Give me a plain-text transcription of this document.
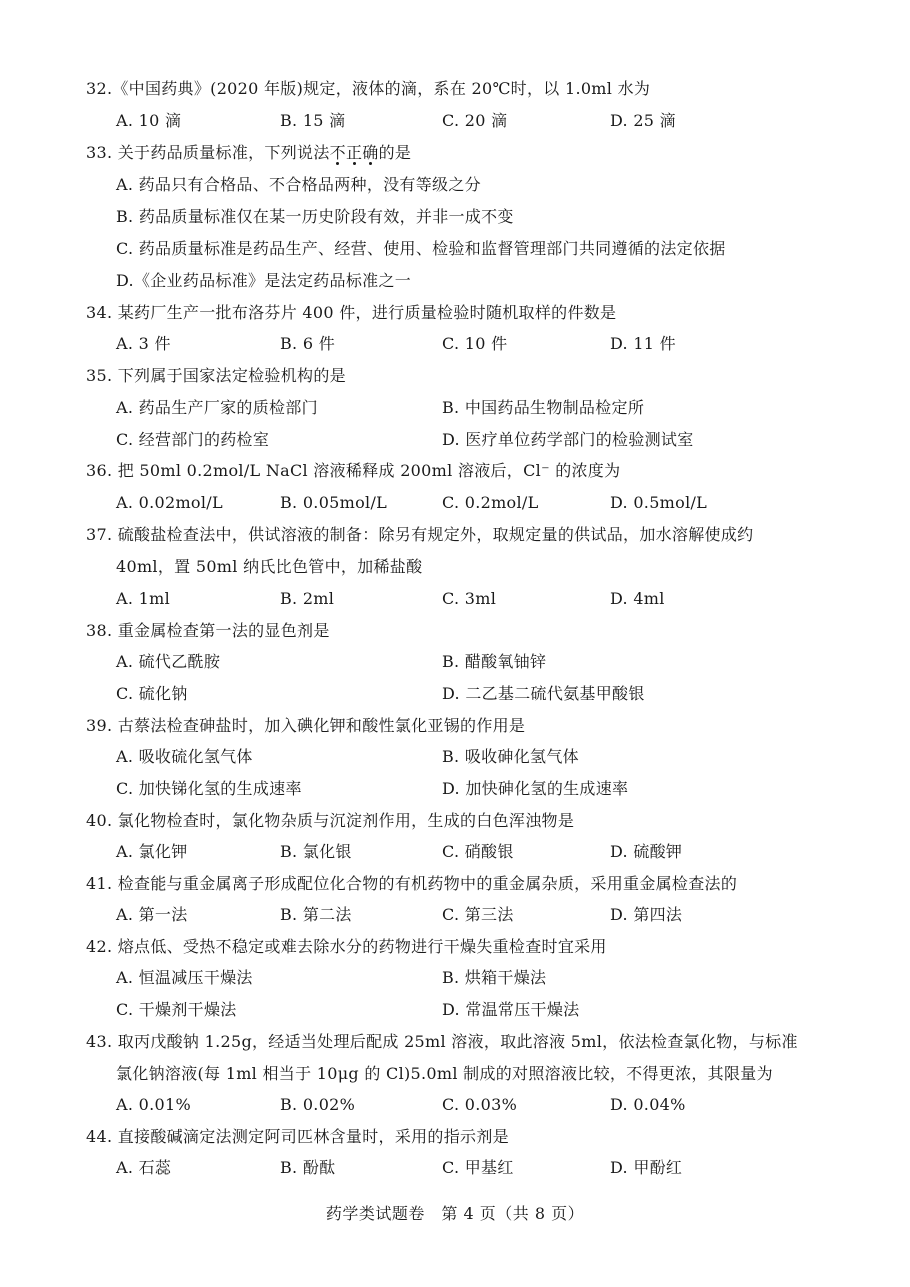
32.《中国药典》(2020 年版)规定，液体的滴，系在 20℃时，以 1.0ml 水为
A. 10 滴	B. 15 滴	C. 20 滴	D. 25 滴
33. 关于药品质量标准，下列说法不正确的是
A. 药品只有合格品、不合格品两种，没有等级之分
B. 药品质量标准仅在某一历史阶段有效，并非一成不变
C. 药品质量标准是药品生产、经营、使用、检验和监督管理部门共同遵循的法定依据
D.《企业药品标准》是法定药品标准之一
34. 某药厂生产一批布洛芬片 400 件，进行质量检验时随机取样的件数是
A. 3 件	B. 6 件	C. 10 件	D. 11 件
35. 下列属于国家法定检验机构的是
A. 药品生产厂家的质检部门	B. 中国药品生物制品检定所
C. 经营部门的药检室	D. 医疗单位药学部门的检验测试室
36. 把 50ml 0.2mol/L NaCl 溶液稀释成 200ml 溶液后，Cl⁻ 的浓度为
A. 0.02mol/L	B. 0.05mol/L	C. 0.2mol/L	D. 0.5mol/L
37. 硫酸盐检查法中，供试溶液的制备：除另有规定外，取规定量的供试品，加水溶解使成约
40ml，置 50ml 纳氏比色管中，加稀盐酸
A. 1ml	B. 2ml	C. 3ml	D. 4ml
38. 重金属检查第一法的显色剂是
A. 硫代乙酰胺	B. 醋酸氧铀锌
C. 硫化钠	D. 二乙基二硫代氨基甲酸银
39. 古蔡法检查砷盐时，加入碘化钾和酸性氯化亚锡的作用是
A. 吸收硫化氢气体	B. 吸收砷化氢气体
C. 加快锑化氢的生成速率	D. 加快砷化氢的生成速率
40. 氯化物检查时，氯化物杂质与沉淀剂作用，生成的白色浑浊物是
A. 氯化钾	B. 氯化银	C. 硝酸银	D. 硫酸钾
41. 检查能与重金属离子形成配位化合物的有机药物中的重金属杂质，采用重金属检查法的
A. 第一法	B. 第二法	C. 第三法	D. 第四法
42. 熔点低、受热不稳定或难去除水分的药物进行干燥失重检查时宜采用
A. 恒温减压干燥法	B. 烘箱干燥法
C. 干燥剂干燥法	D. 常温常压干燥法
43. 取丙戊酸钠 1.25g，经适当处理后配成 25ml 溶液，取此溶液 5ml，依法检查氯化物，与标准
氯化钠溶液(每 1ml 相当于 10μg 的 Cl)5.0ml 制成的对照溶液比较，不得更浓，其限量为
A. 0.01%	B. 0.02%	C. 0.03%	D. 0.04%
44. 直接酸碱滴定法测定阿司匹林含量时，采用的指示剂是
A. 石蕊	B. 酚酞	C. 甲基红	D. 甲酚红
药学类试题卷　第 4 页（共 8 页）
